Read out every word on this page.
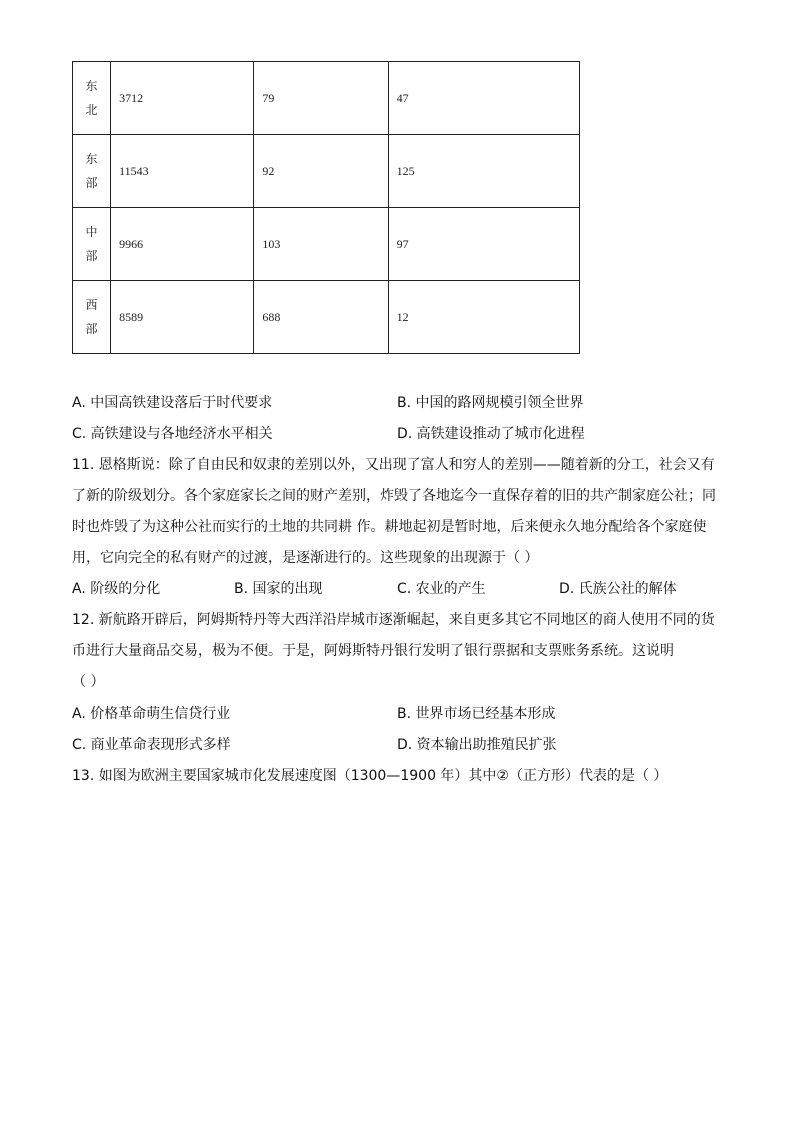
东
北	3712	79	47

东
部	11543	92	125

中
部	9966	103	97

西
部	8589	688	12
A. 中国高铁建设落后于时代要求	B. 中国的路网规模引领全世界
C. 高铁建设与各地经济水平相关	D. 高铁建设推动了城市化进程
11. 恩格斯说：除了自由民和奴隶的差别以外，又出现了富人和穷人的差别——随着新的分工，社会又有
了新的阶级划分。各个家庭家长之间的财产差别，炸毁了各地迄今一直保存着的旧的共产制家庭公社；同
时也炸毁了为这种公社而实行的土地的共同耕 作。耕地起初是暂时地，后来便永久地分配给各个家庭使
用，它向完全的私有财产的过渡，是逐渐进行的。这些现象的出现源于（ ）
A. 阶级的分化	B. 国家的出现	C. 农业的产生	D. 氏族公社的解体
12. 新航路开辟后，阿姆斯特丹等大西洋沿岸城市逐渐崛起，来自更多其它不同地区的商人使用不同的货
币进行大量商品交易，极为不便。于是，阿姆斯特丹银行发明了银行票据和支票账务系统。这说明
（ ）
A. 价格革命萌生信贷行业	B. 世界市场已经基本形成
C. 商业革命表现形式多样	D. 资本输出助推殖民扩张
13. 如图为欧洲主要国家城市化发展速度图（1300—1900 年）其中②（正方形）代表的是（ ）
